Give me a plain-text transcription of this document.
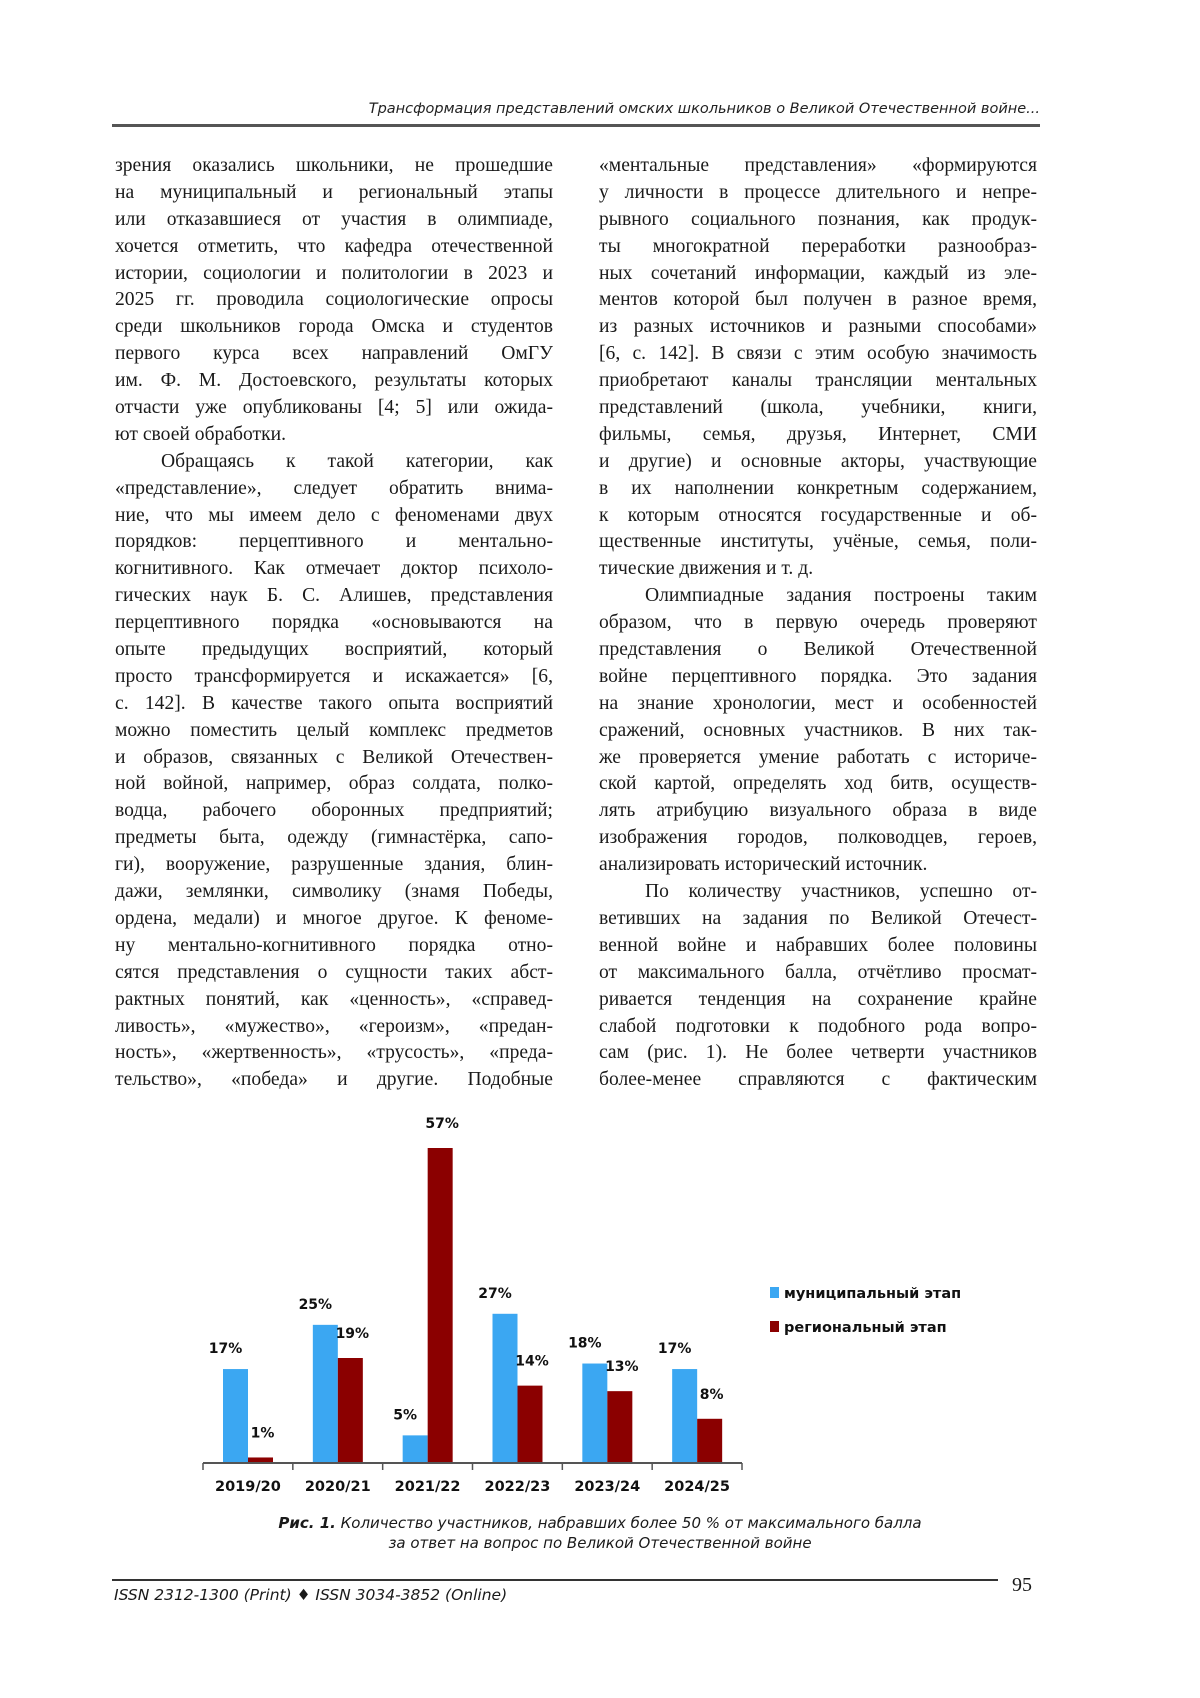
Трансформация представлений омских школьников о Великой Отечественной войне...
зрения оказались школьники, не прошедшие
на муниципальный и региональный этапы
или отказавшиеся от участия в олимпиаде,
хочется отметить, что кафедра отечественной
истории, социологии и политологии в 2023 и
2025 гг. проводила социологические опросы
среди школьников города Омска и студентов
первого курса всех направлений ОмГУ
им. Ф. М. Достоевского, результаты которых
отчасти уже опубликованы [4; 5] или ожида-
ют своей обработки.
Обращаясь к такой категории, как
«представление», следует обратить внима-
ние, что мы имеем дело с феноменами двух
порядков: перцептивного и ментально-
когнитивного. Как отмечает доктор психоло-
гических наук Б. С. Алишев, представления
перцептивного порядка «основываются на
опыте предыдущих восприятий, который
просто трансформируется и искажается» [6,
с. 142]. В качестве такого опыта восприятий
можно поместить целый комплекс предметов
и образов, связанных с Великой Отечествен-
ной войной, например, образ солдата, полко-
водца, рабочего оборонных предприятий;
предметы быта, одежду (гимнастёрка, сапо-
ги), вооружение, разрушенные здания, блин-
дажи, землянки, символику (знамя Победы,
ордена, медали) и многое другое. К феноме-
ну ментально-когнитивного порядка отно-
сятся представления о сущности таких абст-
рактных понятий, как «ценность», «справед-
ливость», «мужество», «героизм», «предан-
ность», «жертвенность», «трусость», «преда-
тельство», «победа» и другие. Подобные
«ментальные представления» «формируются
у личности в процессе длительного и непре-
рывного социального познания, как продук-
ты многократной переработки разнообраз-
ных сочетаний информации, каждый из эле-
ментов которой был получен в разное время,
из разных источников и разными способами»
[6, с. 142]. В связи с этим особую значимость
приобретают каналы трансляции ментальных
представлений (школа, учебники, книги,
фильмы, семья, друзья, Интернет, СМИ
и другие) и основные акторы, участвующие
в их наполнении конкретным содержанием,
к которым относятся государственные и об-
щественные институты, учёные, семья, поли-
тические движения и т. д.
Олимпиадные задания построены таким
образом, что в первую очередь проверяют
представления о Великой Отечественной
войне перцептивного порядка. Это задания
на знание хронологии, мест и особенностей
сражений, основных участников. В них так-
же проверяется умение работать с историче-
ской картой, определять ход битв, осуществ-
лять атрибуцию визуального образа в виде
изображения городов, полководцев, героев,
анализировать исторический источник.
По количеству участников, успешно от-
ветивших на задания по Великой Отечест-
венной войне и набравших более половины
от максимального балла, отчётливо просмат-
ривается тенденция на сохранение крайне
слабой подготовки к подобного рода вопро-
сам (рис. 1). Не более четверти участников
более-менее справляются с фактическим
17%
1%
2019/20
25%
19%
2020/21
5%
57%
2021/22
27%
14%
2022/23
18%
13%
2023/24
17%
8%
2024/25
муниципальный этап
региональный этап
Рис. 1. Количество участников, набравших более 50 % от максимального балла
за ответ на вопрос по Великой Отечественной войне
ISSN 2312-1300 (Print) ♦ ISSN 3034-3852 (Online)	95
